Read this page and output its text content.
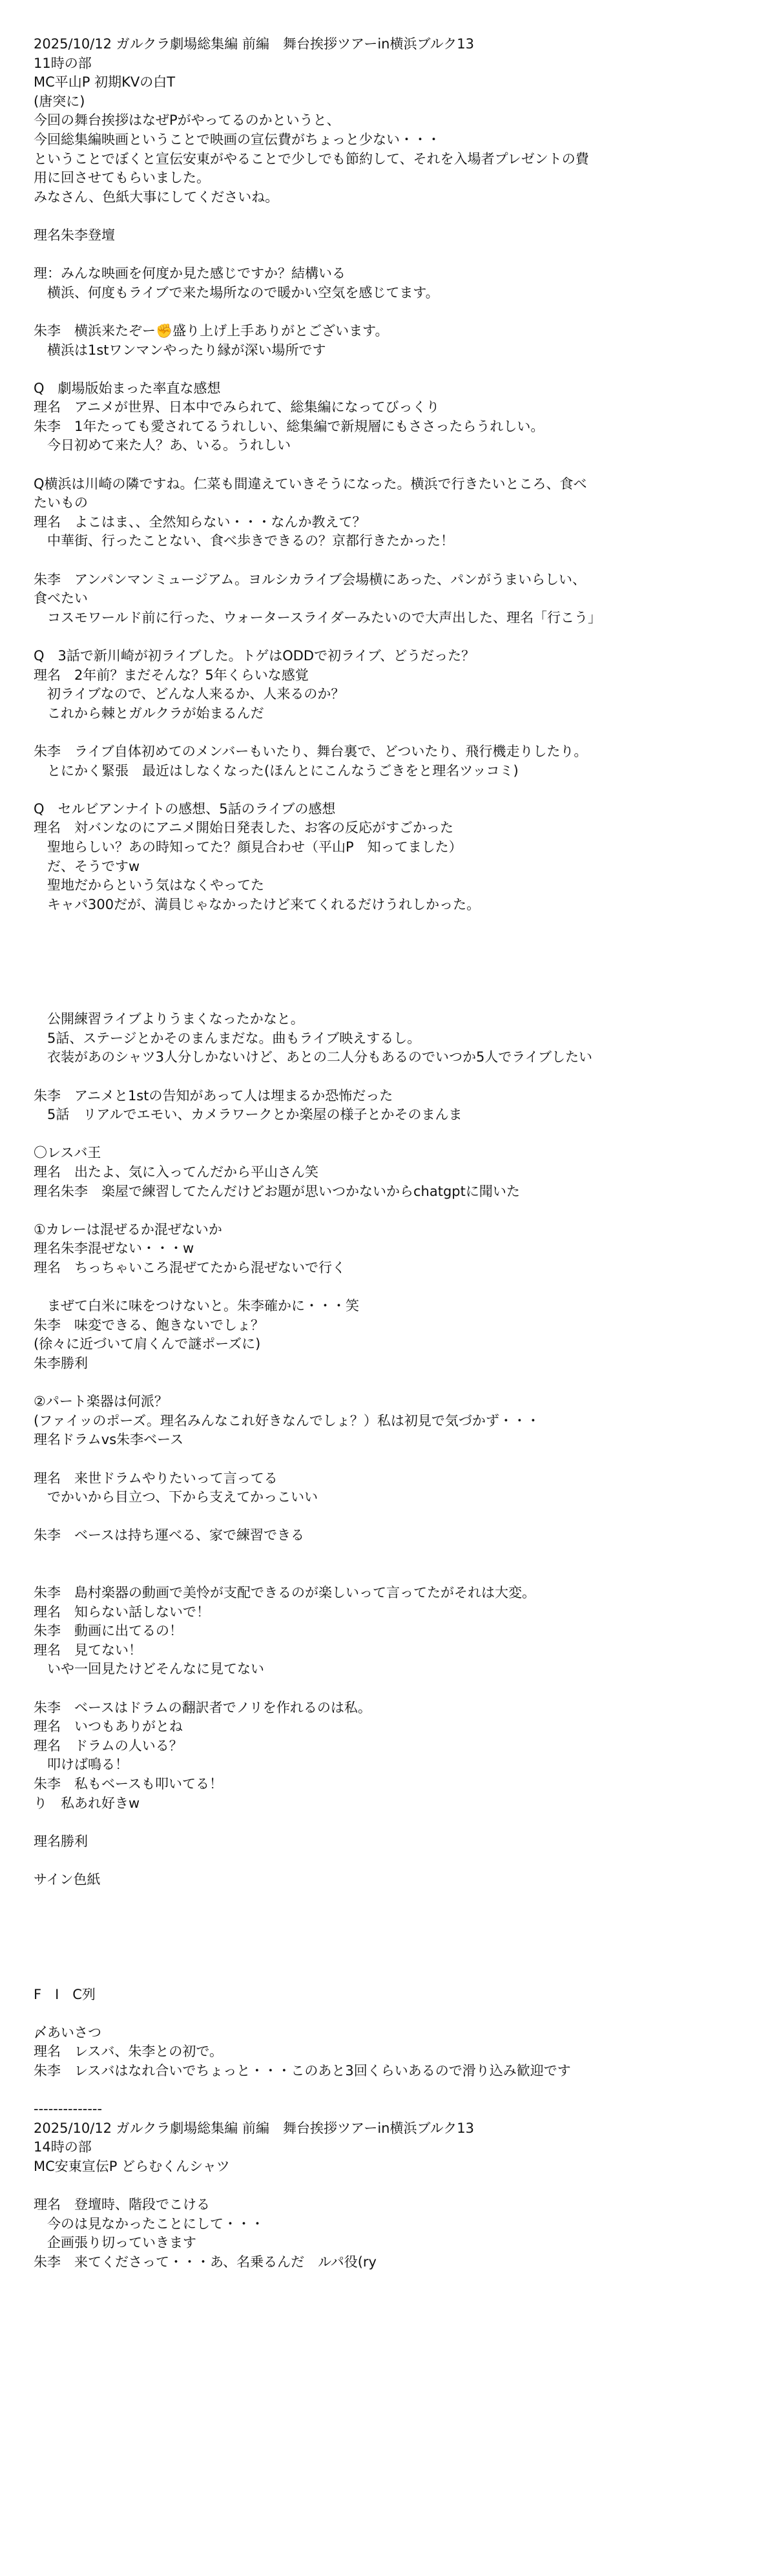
2025/10/12 ガルクラ劇場総集編 前編　舞台挨拶ツアーin横浜ブルク13
11時の部
MC平山P 初期KVの白T
(唐突に)
今回の舞台挨拶はなぜPがやってるのかというと、
今回総集編映画ということで映画の宣伝費がちょっと少ない・・・
ということでぼくと宣伝安東がやることで少しでも節約して、それを入場者プレゼントの費
用に回させてもらいました。
みなさん、色紙大事にしてくださいね。
理名朱李登壇
理：みんな映画を何度か見た感じですか？結構いる
　横浜、何度もライブで来た場所なので暖かい空気を感じてます。
朱李　横浜来たぞー✊盛り上げ上手ありがとございます。
　横浜は1stワンマンやったり縁が深い場所です
Q　劇場版始まった率直な感想
理名　アニメが世界、日本中でみられて、総集編になってびっくり
朱李　1年たっても愛されてるうれしい、総集編で新規層にもささったらうれしい。
　今日初めて来た人？あ、いる。うれしい
Q横浜は川崎の隣ですね。仁菜も間違えていきそうになった。横浜で行きたいところ、食べ
たいもの
理名　よこはま、、全然知らない・・・なんか教えて？
　中華街、行ったことない、食べ歩きできるの？京都行きたかった！
朱李　アンパンマンミュージアム。ヨルシカライブ会場横にあった、パンがうまいらしい、
食べたい
　コスモワールド前に行った、ウォータースライダーみたいので大声出した、理名「行こう」
Q　3話で新川崎が初ライブした。トゲはODDで初ライブ、どうだった？
理名　2年前？まだそんな？5年くらいな感覚
　初ライブなので、どんな人来るか、人来るのか？
　これから棘とガルクラが始まるんだ
朱李　ライブ自体初めてのメンバーもいたり、舞台裏で、どついたり、飛行機走りしたり。
　とにかく緊張　最近はしなくなった(ほんとにこんなうごきをと理名ツッコミ)
Q　セルビアンナイトの感想、5話のライブの感想
理名　対バンなのにアニメ開始日発表した、お客の反応がすごかった
　聖地らしい？あの時知ってた？顔見合わせ（平山P　知ってました）
　だ、そうですw
　聖地だからという気はなくやってた
　キャパ300だが、満員じゃなかったけど来てくれるだけうれしかった。
　公開練習ライブよりうまくなったかなと。
　5話、ステージとかそのまんまだな。曲もライブ映えするし。
　衣装があのシャツ3人分しかないけど、あとの二人分もあるのでいつか5人でライブしたい
朱李　アニメと1stの告知があって人は埋まるか恐怖だった
　5話　リアルでエモい、カメラワークとか楽屋の様子とかそのまんま
〇レスバ王
理名　出たよ、気に入ってんだから平山さん笑
理名朱李　楽屋で練習してたんだけどお題が思いつかないからchatgptに聞いた
①カレーは混ぜるか混ぜないか
理名朱李混ぜない・・・w
理名　ちっちゃいころ混ぜてたから混ぜないで行く
　まぜて白米に味をつけないと。朱李確かに・・・笑
朱李　味変できる、飽きないでしょ？
(徐々に近づいて肩くんで謎ポーズに)
朱李勝利
②パート楽器は何派？
(ファイッのポーズ。理名みんなこれ好きなんでしょ？）私は初見で気づかず・・・
理名ドラムvs朱李ベース
理名　来世ドラムやりたいって言ってる
　でかいから目立つ、下から支えてかっこいい
朱李　ベースは持ち運べる、家で練習できる
朱李　島村楽器の動画で美怜が支配できるのが楽しいって言ってたがそれは大変。
理名　知らない話しないで！
朱李　動画に出てるの！
理名　見てない！
　いや一回見たけどそんなに見てない
朱李　ベースはドラムの翻訳者でノリを作れるのは私。
理名　いつもありがとね
理名　ドラムの人いる？
　叩けば鳴る！
朱李　私もベースも叩いてる！
り　私あれ好きw
理名勝利
サイン色紙
F　I　C列
〆あいさつ
理名　レスバ、朱李との初で。
朱李　レスバはなれ合いでちょっと・・・このあと3回くらいあるので滑り込み歓迎です
--------------
2025/10/12 ガルクラ劇場総集編 前編　舞台挨拶ツアーin横浜ブルク13
14時の部
MC安東宣伝P どらむくんシャツ
理名　登壇時、階段でこける
　今のは見なかったことにして・・・
　企画張り切っていきます
朱李　来てくださって・・・あ、名乗るんだ　ルパ役(ry
